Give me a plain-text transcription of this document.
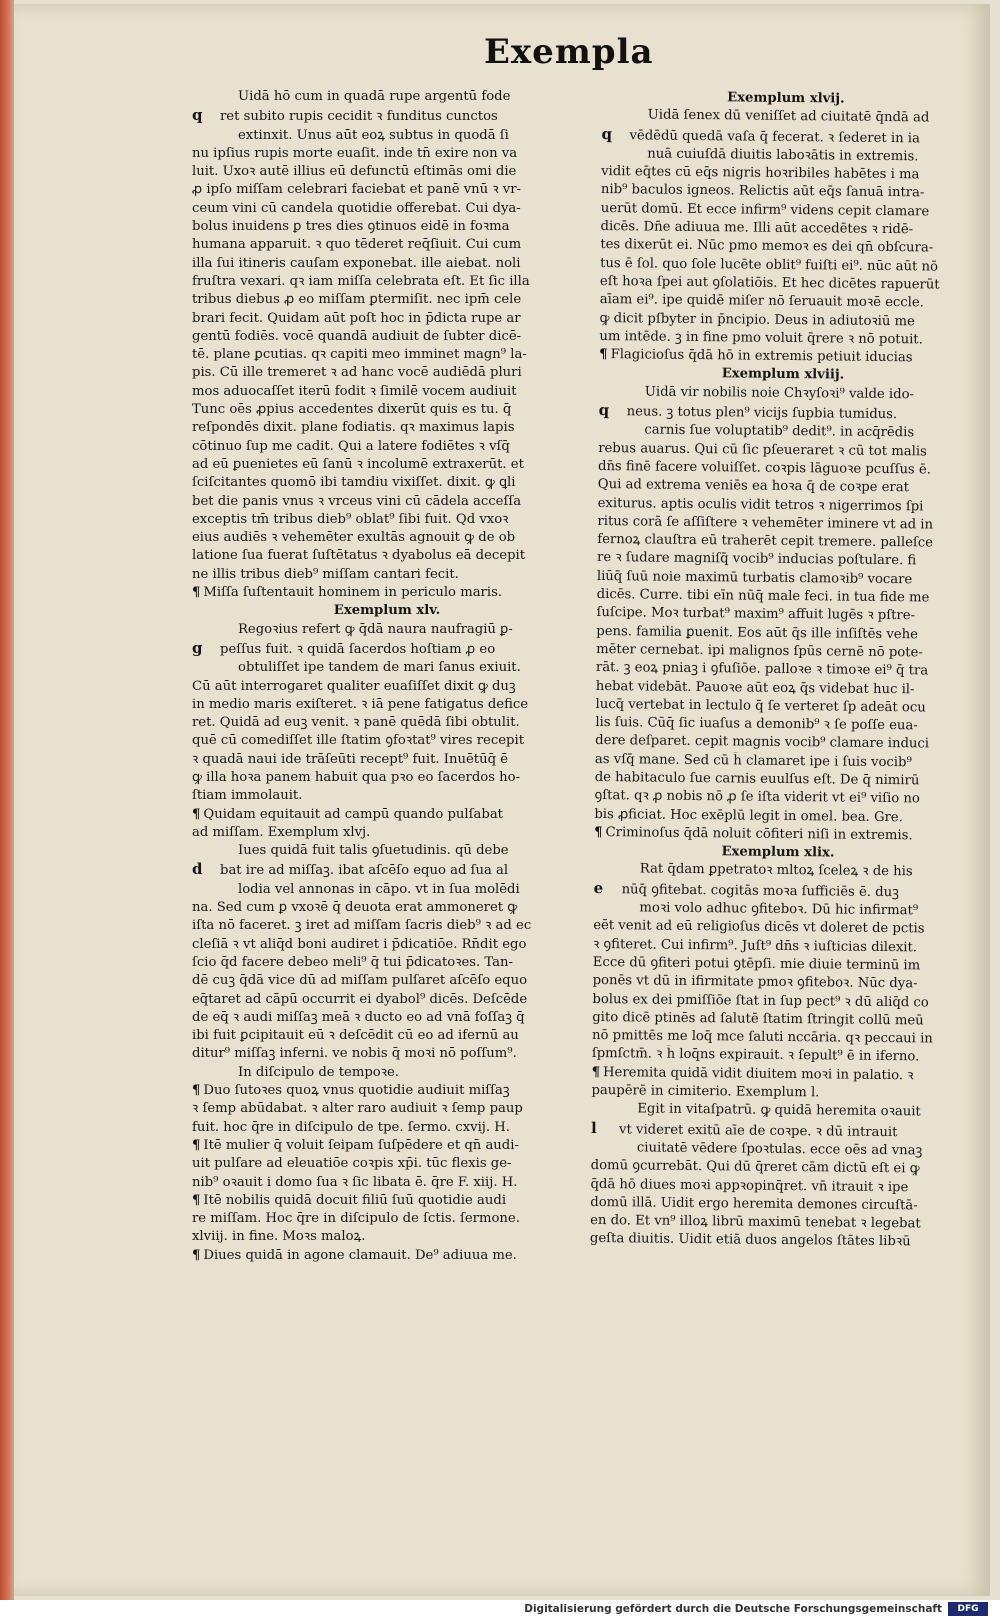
Exempla
Uidā hō cum in quadā rupe argentū fode
q ret subito rupis cecidit ꝛ funditus cunctos
extinxit. Unus aūt eoꝝ subtus in quodā ſi
nu ipſius rupis morte euaſit. inde tn̄ exire non va
luit. Uxoꝛ autē illius eū defunctū eſtimās omi die
ꝓ ipſo miſſam celebrari faciebat et panē vnū ꝛ vr-
ceum vini cū candela quotidie offerebat. Cui dya-
bolus inuidens ꝑ tres dies ꝯtinuos eidē in foꝛma
humana apparuit. ꝛ quo tēderet req̄ſiuit. Cui cum
illa ſui itineris cauſam exponebat. ille aiebat. noli
fruſtra vexari. qꝛ iam miſſa celebrata eſt. Et ſic illa
tribus diebus ꝓ eo miſſam ꝑtermiſit. nec ipm̄ cele
brari fecit. Quidam aūt poſt hoc in p̄dicta rupe ar
gentū fodiēs. vocē quandā audiuit de ſubter dicē-
tē. plane ꝑcutias. qꝛ capiti meo imminet magn⁹ la-
pis. Cū ille tremeret ꝛ ad hanc vocē audiēdā pluri
mos aduocaſſet iterū fodit ꝛ ſimilē vocem audiuit
Tunc oēs ꝓpius accedentes dixerūt quis es tu. q̄
reſpondēs dixit. plane fodiatis. qꝛ maximus lapis
cōtinuo ſup me cadit. Qui a latere fodiētes ꝛ vſq̄
ad eū ꝑuenietes eū ſanū ꝛ incolumē extraxerūt. et
ſciſcitantes quomō ibi tamdiu vixiſſet. dixit. ꝙ ꝗli
bet die panis vnus ꝛ vrceus vini cū cādela acceſſa
exceptis tm̄ tribus dieb⁹ oblat⁹ ſibi fuit. Qd̄ vxoꝛ
eius audiēs ꝛ vehemēter exultās agnouit ꝙ de ob
latione ſua fuerat ſuſtētatus ꝛ dyabolus eā decepit
ne illis tribus dieb⁹ miſſam cantari fecit.
¶ Miſſa ſuſtentauit hominem in periculo maris.
Exemplum xlv.
Regoꝛius refert ꝙ q̄dā naura naufragiū ꝑ-
g peſſus fuit. ꝛ quidā ſacerdos hoſtiam ꝓ eo
obtuliſſet ipe tandem de mari ſanus exiuit.
Cū aūt interrogaret qualiter euaſiſſet dixit ꝙ duꝫ
in medio maris exiſteret. ꝛ iā pene fatigatus defice
ret. Quidā ad euꝫ venit. ꝛ panē quēdā ſibi obtulit.
quē cū comediſſet ille ſtatim ꝯfoꝛtat⁹ vires recepit
ꝛ quadā naui ide trāſeūti recept⁹ fuit. Inuētūq̄ ē
ꝙ illa hoꝛa panem habuit qua pꝛo eo ſacerdos ho-
ſtiam immolauit.
¶ Quidam equitauit ad campū quando pulſabat
ad miſſam. Exemplum xlvj.
Iues quidā fuit talis ꝯſuetudinis. qū debe
d bat ire ad miſſaꝫ. ibat aſcēſo equo ad ſua al
lodia vel annonas in cāpo. vt in ſua molēdi
na. Sed cum ꝑ vxoꝛē q̄ deuota erat ammoneret ꝙ
iſta nō faceret. ꝫ iret ad miſſam ſacris dieb⁹ ꝛ ad ec
cleſiā ꝛ vt aliq̄d boni audiret i p̄dicatiōe. Rn̄dit ego
ſcio q̄d facere debeo meli⁹ q̄ tui p̄dicatoꝛes. Tan-
dē cuꝫ q̄dā vice dū ad miſſam pulſaret aſcēſo equo
eq̄taret ad cāpū occurrit ei dyabol⁹ dicēs. Deſcēde
de eq̄ ꝛ audi miſſaꝫ meā ꝛ ducto eo ad vnā foſſaꝫ q̄
ibi fuit ꝑcipitauit eū ꝛ deſcēdit cū eo ad ifernū au
ditur⁹ miſſaꝫ inferni. ve nobis q̄ moꝛi nō poſſum⁹.
In diſcipulo de tempoꝛe.
¶ Duo ſutoꝛes quoꝝ vnus quotidie audiuit miſſaꝫ
ꝛ ſemp abūdabat. ꝛ alter raro audiuit ꝛ ſemp paup
fuit. hoc q̄re in diſcipulo de tpe. ſermo. cxvij. H.
¶ Itē mulier q̄ voluit ſeipam ſuſpēdere et qn̄ audi-
uit pulſare ad eleuatiōe coꝛpis xp̄i. tūc flexis ge-
nib⁹ oꝛauit i domo ſua ꝛ ſic libata ē. q̄re F. xiij. H.
¶ Itē nobilis quidā docuit filiū ſuū quotidie audi
re miſſam. Hoc q̄re in diſcipulo de ſctis. ſermone.
xlviij. in fine. Moꝛs maloꝝ.
¶ Diues quidā in agone clamauit. De⁹ adiuua me.
Exemplum xlvij.
Uidā ſenex dū veniſſet ad ciuitatē q̄ndā ad
q vēdēdū quedā vaſa q̄ fecerat. ꝛ ſederet in ia
nuā cuiuſdā diuitis laboꝛātis in extremis.
vidit eq̄tes cū eq̄s nigris hoꝛribiles habētes i ma
nib⁹ baculos igneos. Relictis aūt eq̄s ſanuā intra-
uerūt domū. Et ecce infirm⁹ videns cepit clamare
dicēs. Dn̄e adiuua me. Illi aūt accedētes ꝛ ridē-
tes dixerūt ei. Nūc pmo memoꝛ es dei qn̄ obſcura-
tus ē ſol. quo ſole lucēte oblit⁹ fuiſti ei⁹. nūc aūt nō
eſt hoꝛa ſpei aut ꝯſolatiōis. Et hec dicētes rapuerūt
aīam ei⁹. ipe quidē miſer nō ſeruauit moꝛē eccle.
ꝙ dicit pſbyter in p̄ncipio. Deus in adiutoꝛiū me
um intēde. ꝫ in fine pmo voluit q̄rere ꝛ nō potuit.
¶ Flagicioſus q̄dā hō in extremis petiuit iducias
Exemplum xlviij.
Uidā vir nobilis noie Chꝛyſoꝛi⁹ valde ido-
q neus. ꝫ totus plen⁹ vicijs ſupbia tumidus.
carnis ſue voluptatib⁹ dedit⁹. in acq̄rēdis
rebus auarus. Qui cū ſic pſeueraret ꝛ cū tot malis
dn̄s finē facere voluiſſet. coꝛpis lāguoꝛe pcuſſus ē.
Qui ad extrema veniēs ea hoꝛa q̄ de coꝛpe erat
exiturus. aptis oculis vidit tetros ꝛ nigerrimos ſpi
ritus corā ſe aſſiſtere ꝛ vehemēter iminere vt ad in
fernoꝝ clauſtra eū traherēt cepit tremere. palleſce
re ꝛ ſudare magniſq̄ vocib⁹ inducias poſtulare. fi
liūq̄ ſuū noie maximū turbatis clamoꝛib⁹ vocare
dicēs. Curre. tibi eīn nūq̄ male feci. in tua fide me
ſuſcipe. Moꝛ turbat⁹ maxim⁹ affuit lugēs ꝛ pſtre-
pens. familia ꝑuenit. Eos aūt q̄s ille inſiſtēs vehe
mēter cernebat. ipi malignos ſpūs cernē nō pote-
rāt. ꝫ eoꝝ pniaꝫ i ꝯfuſiōe. palloꝛe ꝛ timoꝛe ei⁹ q̄ tra
hebat videbāt. Pauoꝛe aūt eoꝝ q̄s videbat huc il-
lucq̄ vertebat in lectulo q̄ ſe verteret ſp adeāt ocu
lis ſuis. Cūq̄ ſic iuaſus a demonib⁹ ꝛ ſe poſſe eua-
dere deſparet. cepit magnis vocib⁹ clamare induci
as vſq̄ mane. Sed cū h̄ clamaret ipe i ſuis vocib⁹
de habitaculo ſue carnis euulſus eſt. De q̄ nimirū
ꝯſtat. qꝛ ꝓ nobis nō ꝓ ſe iſta viderit vt ei⁹ viſio no
bis ꝓficiat. Hoc exēplū legit in omel. bea. Gre.
¶ Criminoſus q̄dā noluit cōfiteri niſi in extremis.
Exemplum xlix.
Rat q̄dam ꝑpetratoꝛ mltoꝝ ſceleꝝ ꝛ de his
e nūq̄ ꝯfitebat. cogitās moꝛa ſufficiēs ē. duꝫ
moꝛi volo adhuc ꝯfiteboꝛ. Dū hic infirmat⁹
eēt venit ad eū religioſus dicēs vt doleret de pctis
ꝛ ꝯfiteret. Cui infirm⁹. Juſt⁹ dn̄s ꝛ iuſticias dilexit.
Ecce dū ꝯfiteri potui ꝯtēpſi. mie diuie terminū im
ponēs vt dū in ifirmitate pmoꝛ ꝯfiteboꝛ. Nūc dya-
bolus ex dei pmiſſiōe ſtat in ſup pect⁹ ꝛ dū aliq̄d co
gito dicē ptinēs ad ſalutē ſtatim ſtringit collū meū
nō pmittēs me loq̄ mce ſaluti nccāria. qꝛ peccaui in
ſpmſctm̄. ꝛ h̄ loq̄ns expirauit. ꝛ ſepult⁹ ē in iferno.
¶ Heremita quidā vidit diuitem moꝛi in palatio. ꝛ
paupērē in cimiterio. Exemplum l.
Egit in vitaſpatrū. ꝙ quidā heremita oꝛauit
l vt videret exitū aīe de coꝛpe. ꝛ dū intrauit
ciuitatē vēdere ſpoꝛtulas. ecce oēs ad vnaꝫ
domū ꝯcurrebāt. Qui dū q̄reret cām dictū eſt ei ꝙ
q̄dā hō diues moꝛi appꝛopinq̄ret. vn̄ itrauit ꝛ ipe
domū illā. Uidit ergo heremita demones circuſtā-
en do. Et vn⁹ illoꝝ librū maximū tenebat ꝛ legebat
geſta diuitis. Uidit etiā duos angelos ſtātes libꝛū
Digitalisierung gefördert durch die Deutsche Forschungsgemeinschaft	DFG
